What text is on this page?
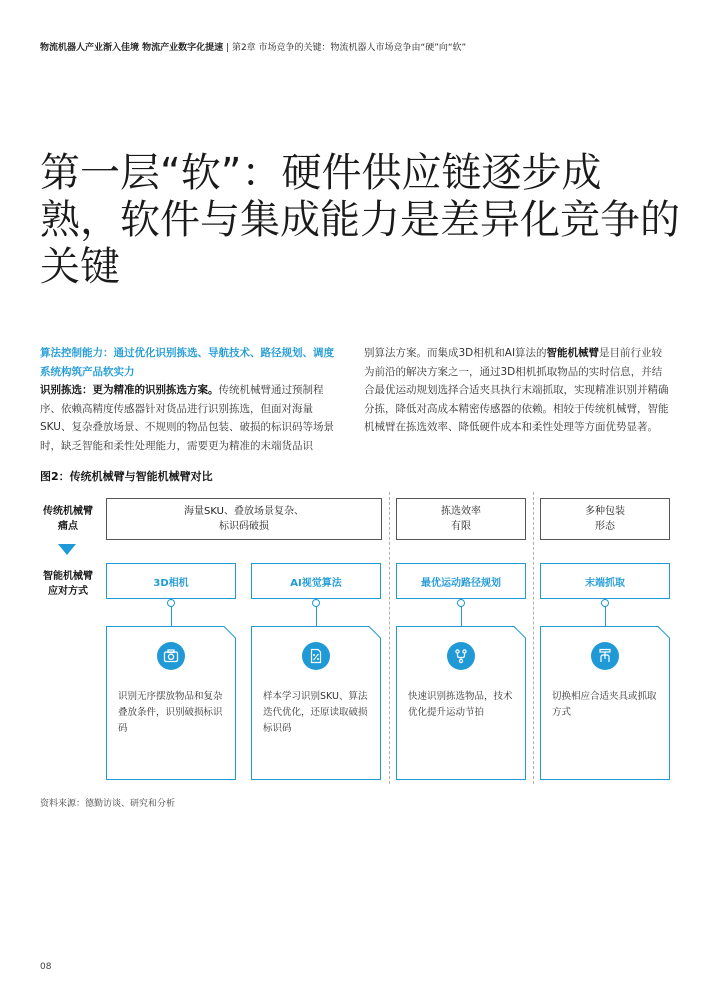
物流机器人产业渐入佳境 物流产业数字化提速 | 第2章 市场竞争的关键：物流机器人市场竞争由“硬”向“软”
第一层“软”：硬件供应链逐步成熟，软件与集成能力是差异化竞争的关键
算法控制能力：通过优化识别拣选、导航技术、路径规划、调度系统构筑产品软实力
识别拣选：更为精准的识别拣选方案。传统机械臂通过预制程序、依赖高精度传感器针对货品进行识别拣选，但面对海量SKU、复杂叠放场景、不规则的物品包装、破损的标识码等场景时，缺乏智能和柔性处理能力，需要更为精准的末端货品识
别算法方案。而集成3D相机和AI算法的智能机械臂是目前行业较为前沿的解决方案之一，通过3D相机抓取物品的实时信息，并结合最优运动规划选择合适夹具执行末端抓取，实现精准识别并精确分拣，降低对高成本精密传感器的依赖。相较于传统机械臂，智能机械臂在拣选效率、降低硬件成本和柔性处理等方面优势显著。
图2：传统机械臂与智能机械臂对比
传统机械臂
痛点
智能机械臂
应对方式
海量SKU、叠放场景复杂、
标识码破损
拣选效率
有限
多种包装
形态
3D相机	AI视觉算法	最优运动路径规划	末端抓取
识别无序摆放物品和复杂叠放条件，识别破损标识码
样本学习识别SKU、算法迭代优化，还原读取破损标识码
快速识别拣选物品，技术优化提升运动节拍
切换相应合适夹具或抓取方式
资料来源：德勤访谈、研究和分析
08
